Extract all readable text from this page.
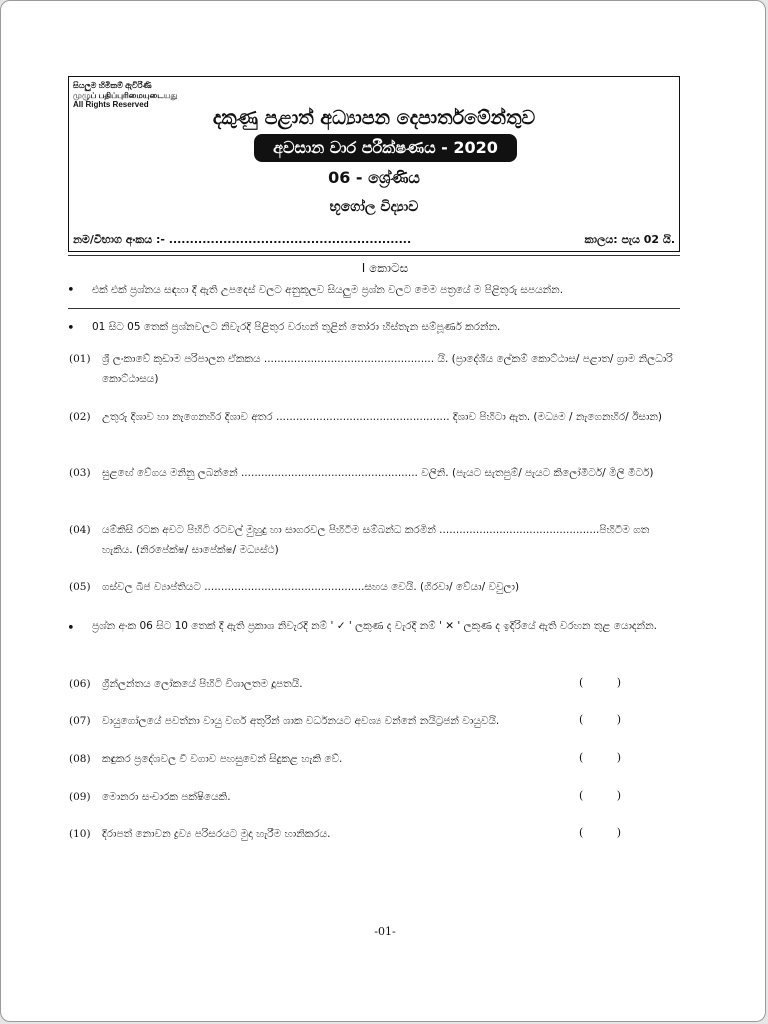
සියලුම හිමිකම් ඇවිරිණි
முழுப் பதிப்புரிமையுடையது
All Rights Reserved
දකුණු පළාත් අධ්‍යාපන දෙපාර්තමේන්තුව
අවසාන වාර පරීක්ෂණය - 2020
06 - ශ්‍රේණිය
භූගෝල විද්‍යාව
නම/විභාග අංකය :- ..........................................................	කාලය: පැය 02 යි.
I කොටස
• එක් එක් ප්‍රශ්නය සඳහා දී ඇති උපදෙස් වලට අනුකූලව සියලුම ප්‍රශ්න වලට මෙම පත්‍රයේ ම පිළිතුරු සපයන්න.
• 01 සිට 05 තෙක් ප්‍රශ්නවලට නිවැරදි පිළිතුර වරහන් තුළින් තෝරා හිස්තැන සම්පූර්ණ කරන්න.
(01) ශ්‍රී ලංකාවේ කුඩාම පරිපාලන ඒකකය ................................................... යි. (ප්‍රාදේශීය ලේකම් කොට්ඨාස/ පළාත/ ග්‍රාම නිලධාරි කොට්ඨාසය)
(02) උතුරු දිශාව හා නැගෙනහිර දිශාව අතර .................................................... දිශාව පිහිටා ඇත. (මධ්‍යම / නැගෙනහිර/ ඊසාන)
(03) සුළඟේ වේගය මනිනු ලබන්නේ ..................................................... වලිනි. (පැයට සැතපුම්/ පැයට කිලෝමීටර්/ මිලි මීටර්)
(04) යම්කිසි රටක අවට පිහිටි රටවල් මුහුදු හා සාගරවල පිහිටීම සම්බන්ධ කරමින් ................................................පිහිටීම ගත හැකිය. (නිරපේක්ෂ/ සාපේක්ෂ/ මධ්‍යස්ථ)
(05) ගස්වල බීජ ව්‍යාප්තියට ................................................සහය වෙයි. (ගිරවා/ වේයා/ වවුලා)
• ප්‍රශ්න අංක 06 සිට 10 තෙක් දී ඇති ප්‍රකාශ නිවැරදි නම් ' ✓ ' ලකුණ ද වැරදි නම් ' ✕ ' ලකුණ ද ඉදිරියේ ඇති වරහන තුළ යොදන්න.
(06) ග්‍රීන්ලන්තය ලෝකයේ පිහිටි විශාලතම දූපතයි.	(	)
(07) වායුගෝලයේ පවත්නා වායු වර්ග අතුරින් ශාක වර්ධනයට අවශ්‍ය වන්නේ නයිට්‍රජන් වායුවයි.	(	)
(08) කඳුකර ප්‍රදේශවල වී වගාව පහසුවෙන් සිදුකළ හැකි වේ.	(	)
(09) මොනරා සංචාරක පක්ෂියෙකි.	(	)
(10) දිරාපත් නොවන ද්‍රව්‍ය පරිසරයට මුදා හැරීම හානිකරය.	(	)
-01-
